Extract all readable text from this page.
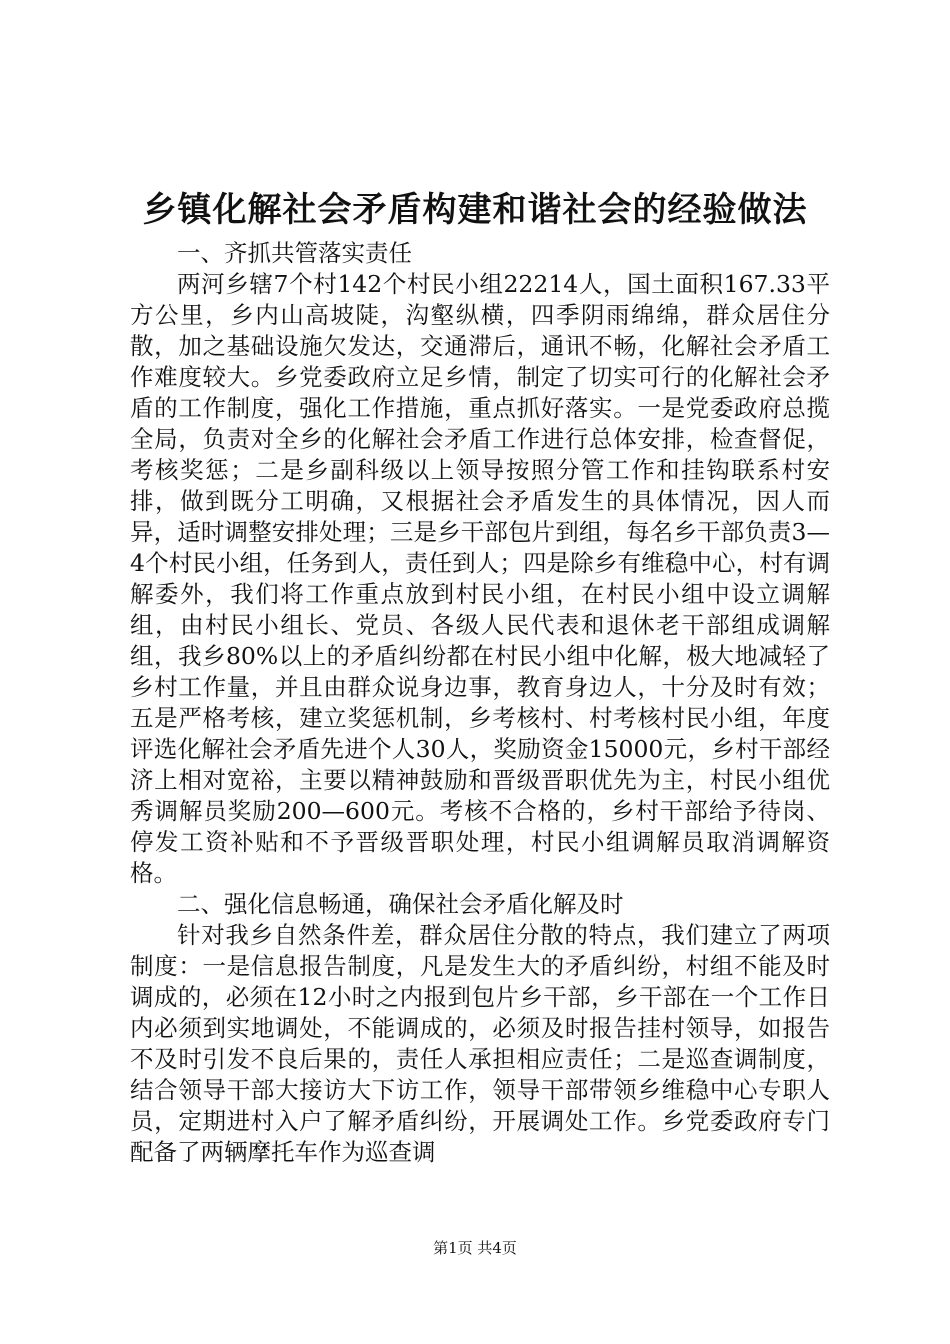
乡镇化解社会矛盾构建和谐社会的经验做法

一、齐抓共管落实责任

两河乡辖7个村142个村民小组22214人，国土面积167.33平方公里，乡内山高坡陡，沟壑纵横，四季阴雨绵绵，群众居住分散，加之基础设施欠发达，交通滞后，通讯不畅，化解社会矛盾工作难度较大。乡党委政府立足乡情，制定了切实可行的化解社会矛盾的工作制度，强化工作措施，重点抓好落实。一是党委政府总揽全局，负责对全乡的化解社会矛盾工作进行总体安排，检查督促，考核奖惩；二是乡副科级以上领导按照分管工作和挂钩联系村安排，做到既分工明确，又根据社会矛盾发生的具体情况，因人而异，适时调整安排处理；三是乡干部包片到组，每名乡干部负责3—4个村民小组，任务到人，责任到人；四是除乡有维稳中心，村有调解委外，我们将工作重点放到村民小组，在村民小组中设立调解组，由村民小组长、党员、各级人民代表和退休老干部组成调解组，我乡80%以上的矛盾纠纷都在村民小组中化解，极大地减轻了乡村工作量，并且由群众说身边事，教育身边人，十分及时有效；五是严格考核，建立奖惩机制，乡考核村、村考核村民小组，年度评选化解社会矛盾先进个人30人，奖励资金15000元，乡村干部经济上相对宽裕，主要以精神鼓励和晋级晋职优先为主，村民小组优秀调解员奖励200—600元。考核不合格的，乡村干部给予待岗、停发工资补贴和不予晋级晋职处理，村民小组调解员取消调解资格。

二、强化信息畅通，确保社会矛盾化解及时

针对我乡自然条件差，群众居住分散的特点，我们建立了两项制度：一是信息报告制度，凡是发生大的矛盾纠纷，村组不能及时调成的，必须在12小时之内报到包片乡干部，乡干部在一个工作日内必须到实地调处，不能调成的，必须及时报告挂村领导，如报告不及时引发不良后果的，责任人承担相应责任；二是巡查调制度，结合领导干部大接访大下访工作，领导干部带领乡维稳中心专职人员，定期进村入户了解矛盾纠纷，开展调处工作。乡党委政府专门配备了两辆摩托车作为巡查调

第1页 共4页
